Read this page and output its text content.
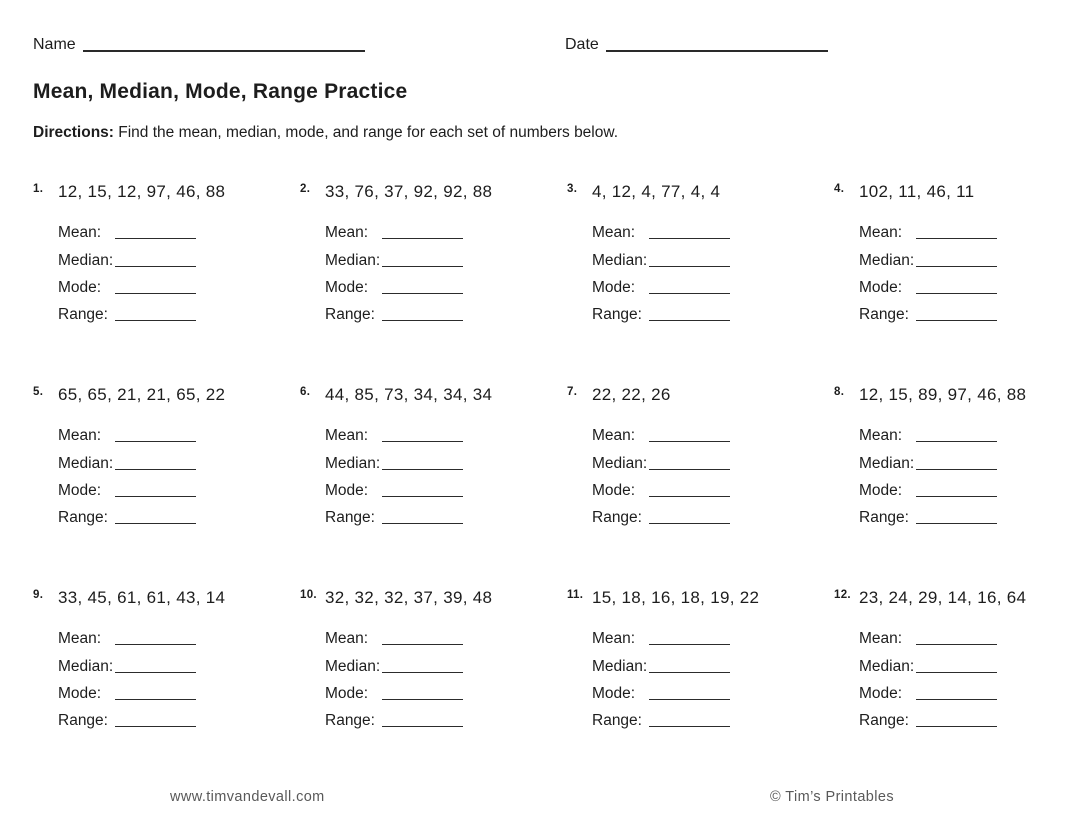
Name	Date
Mean, Median, Mode, Range Practice
Directions: Find the mean, median, mode, and range for each set of numbers below.
1. 12, 15, 12, 97, 46, 88
Mean:
Median:
Mode:
Range:
2. 33, 76, 37, 92, 92, 88
Mean:
Median:
Mode:
Range:
3. 4, 12, 4, 77, 4, 4
Mean:
Median:
Mode:
Range:
4. 102, 11, 46, 11
Mean:
Median:
Mode:
Range:
5. 65, 65, 21, 21, 65, 22
Mean:
Median:
Mode:
Range:
6. 44, 85, 73, 34, 34, 34
Mean:
Median:
Mode:
Range:
7. 22, 22, 26
Mean:
Median:
Mode:
Range:
8. 12, 15, 89, 97, 46, 88
Mean:
Median:
Mode:
Range:
9. 33, 45, 61, 61, 43, 14
Mean:
Median:
Mode:
Range:
10. 32, 32, 32, 37, 39, 48
Mean:
Median:
Mode:
Range:
11. 15, 18, 16, 18, 19, 22
Mean:
Median:
Mode:
Range:
12. 23, 24, 29, 14, 16, 64
Mean:
Median:
Mode:
Range:
www.timvandevall.com	© Tim’s Printables
